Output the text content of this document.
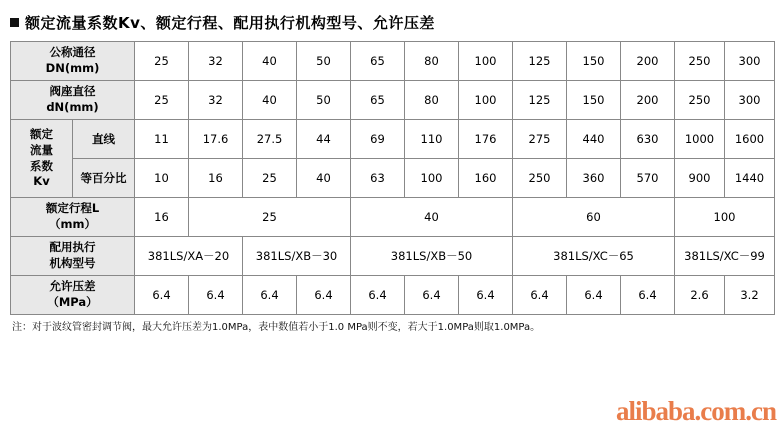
额定流量系数Kv、额定行程、配用执行机构型号、允许压差
公称通径
DN(mm)		25	32	40	50	65	80	100	125	150	200	250	300

阀座直径
dN(mm)		25	32	40	50	65	80	100	125	150	200	250	300

额定
流量
系数
Kv	直线	11	17.6	27.5	44	69	110	176	275	440	630	1000	1600
	等百分比	10	16	25	40	63	100	160	250	360	570	900	1440

额定行程L
（mm）		16	25			40			60			100	

配用执行
机构型号		381LS/XA－20		381LS/XB－30		381LS/XB－50			381LS/XC－65			381LS/XC－99	

允许压差
（MPa）		6.4	6.4	6.4	6.4	6.4	6.4	6.4	6.4	6.4	6.4	2.6	3.2
注：对于波纹管密封调节阀，最大允许压差为1.0MPa，表中数值若小于1.0 MPa则不变，若大于1.0MPa则取1.0MPa。
alibaba.com.cn
